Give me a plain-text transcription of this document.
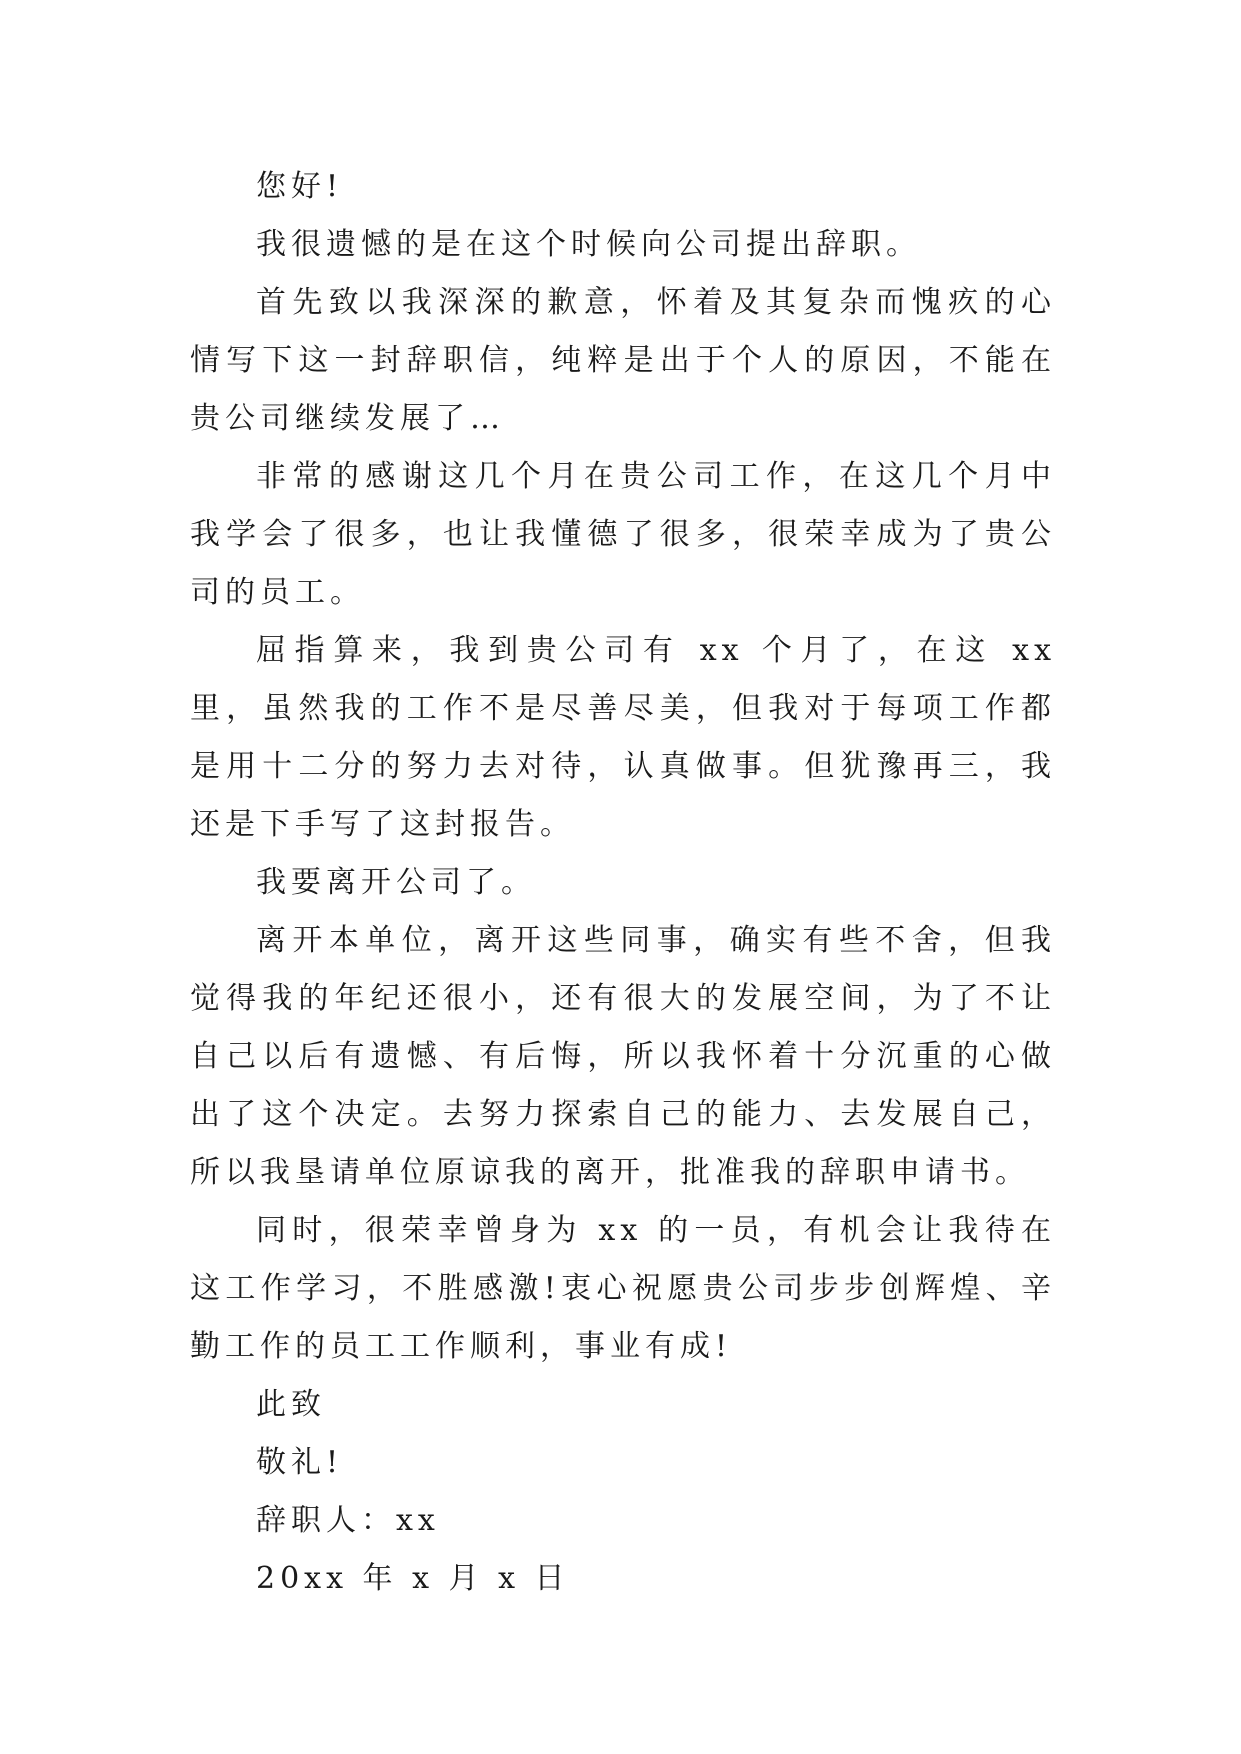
您好!

我很遗憾的是在这个时候向公司提出辞职。

首先致以我深深的歉意，怀着及其复杂而愧疚的心情写下这一封辞职信，纯粹是出于个人的原因，不能在贵公司继续发展了…

非常的感谢这几个月在贵公司工作，在这几个月中我学会了很多，也让我懂德了很多，很荣幸成为了贵公司的员工。

屈指算来，我到贵公司有 xx 个月了，在这 xx 里，虽然我的工作不是尽善尽美，但我对于每项工作都是用十二分的努力去对待，认真做事。但犹豫再三，我还是下手写了这封报告。

我要离开公司了。

离开本单位，离开这些同事，确实有些不舍，但我觉得我的年纪还很小，还有很大的发展空间，为了不让自己以后有遗憾、有后悔，所以我怀着十分沉重的心做出了这个决定。去努力探索自己的能力、去发展自己，所以我垦请单位原谅我的离开，批准我的辞职申请书。

同时，很荣幸曾身为 xx 的一员，有机会让我待在这工作学习，不胜感激!衷心祝愿贵公司步步创辉煌、辛勤工作的员工工作顺利，事业有成!

此致

敬礼!

辞职人：xx

20xx 年 x 月 x 日
